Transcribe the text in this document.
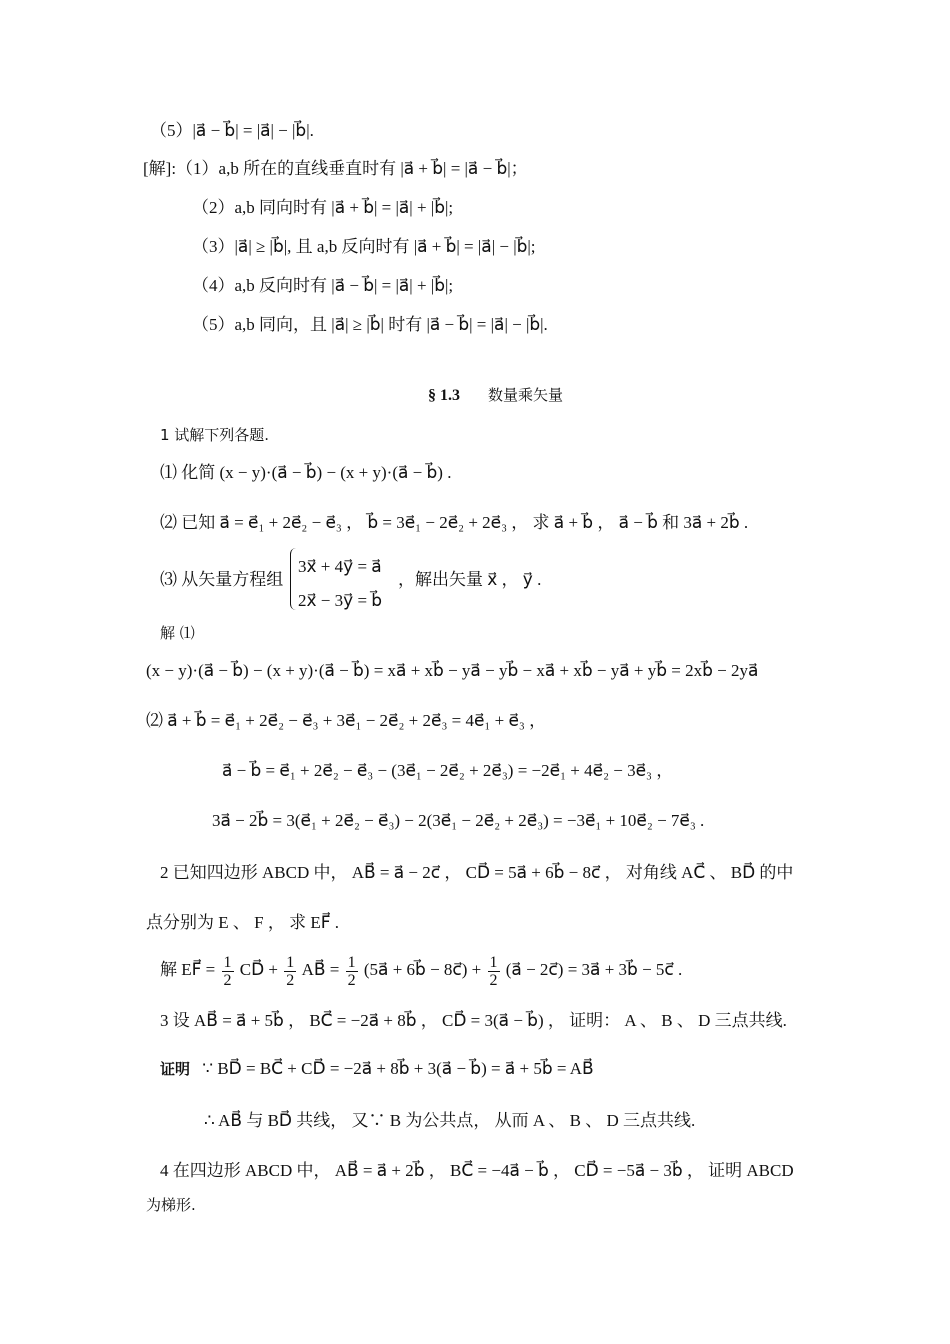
（5）|a⃗ − b⃗| = |a⃗| − |b⃗|.
[解]:（1）a,b 所在的直线垂直时有 |a⃗ + b⃗| = |a⃗ − b⃗|；
（2）a,b 同向时有 |a⃗ + b⃗| = |a⃗| + |b⃗|;
（3）|a⃗| ≥ |b⃗|, 且 a,b 反向时有 |a⃗ + b⃗| = |a⃗| − |b⃗|;
（4）a,b 反向时有 |a⃗ − b⃗| = |a⃗| + |b⃗|;
（5）a,b 同向，且 |a⃗| ≥ |b⃗| 时有 |a⃗ − b⃗| = |a⃗| − |b⃗|.
§ 1.3 数量乘矢量
1 试解下列各题.
⑴ 化简 (x − y)·(a⃗ − b⃗) − (x + y)·(a⃗ − b⃗) .
⑵ 已知 a⃗ = e⃗₁ + 2e⃗₂ − e⃗₃ ， b⃗ = 3e⃗₁ − 2e⃗₂ + 2e⃗₃ ， 求 a⃗ + b⃗ ， a⃗ − b⃗ 和 3a⃗ + 2b⃗ .
⑶ 从矢量方程组
3x⃗ + 4y⃗ = a⃗
2x⃗ − 3y⃗ = b⃗
，解出矢量 x⃗ ， y⃗ .
解 ⑴
(x − y)·(a⃗ − b⃗) − (x + y)·(a⃗ − b⃗) = xa⃗ + xb⃗ − ya⃗ − yb⃗ − xa⃗ + xb⃗ − ya⃗ + yb⃗ = 2xb⃗ − 2ya⃗
⑵ a⃗ + b⃗ = e⃗₁ + 2e⃗₂ − e⃗₃ + 3e⃗₁ − 2e⃗₂ + 2e⃗₃ = 4e⃗₁ + e⃗₃ ，
a⃗ − b⃗ = e⃗₁ + 2e⃗₂ − e⃗₃ − (3e⃗₁ − 2e⃗₂ + 2e⃗₃) = −2e⃗₁ + 4e⃗₂ − 3e⃗₃ ，
3a⃗ − 2b⃗ = 3(e⃗₁ + 2e⃗₂ − e⃗₃) − 2(3e⃗₁ − 2e⃗₂ + 2e⃗₃) = −3e⃗₁ + 10e⃗₂ − 7e⃗₃ .
2 已知四边形 ABCD 中， AB⃗ = a⃗ − 2c⃗ ， CD⃗ = 5a⃗ + 6b⃗ − 8c⃗ ， 对角线 AC⃗ 、 BD⃗ 的中
点分别为 E 、 F ， 求 EF⃗ .
解 EF⃗ = $\frac{1}{2}$ CD⃗ + $\frac{1}{2}$ AB⃗ = $\frac{1}{2}$ (5a⃗ + 6b⃗ − 8c⃗) + $\frac{1}{2}$ (a⃗ − 2c⃗) = 3a⃗ + 3b⃗ − 5c⃗ .
3 设 AB⃗ = a⃗ + 5b⃗ ， BC⃗ = −2a⃗ + 8b⃗ ， CD⃗ = 3(a⃗ − b⃗) ， 证明： A 、 B 、 D 三点共线.
证明 ∵ BD⃗ = BC⃗ + CD⃗ = −2a⃗ + 8b⃗ + 3(a⃗ − b⃗) = a⃗ + 5b⃗ = AB⃗
∴ AB⃗ 与 BD⃗ 共线， 又∵ B 为公共点， 从而 A 、 B 、 D 三点共线.
4 在四边形 ABCD 中， AB⃗ = a⃗ + 2b⃗ ， BC⃗ = −4a⃗ − b⃗ ， CD⃗ = −5a⃗ − 3b⃗ ， 证明 ABCD
为梯形.
